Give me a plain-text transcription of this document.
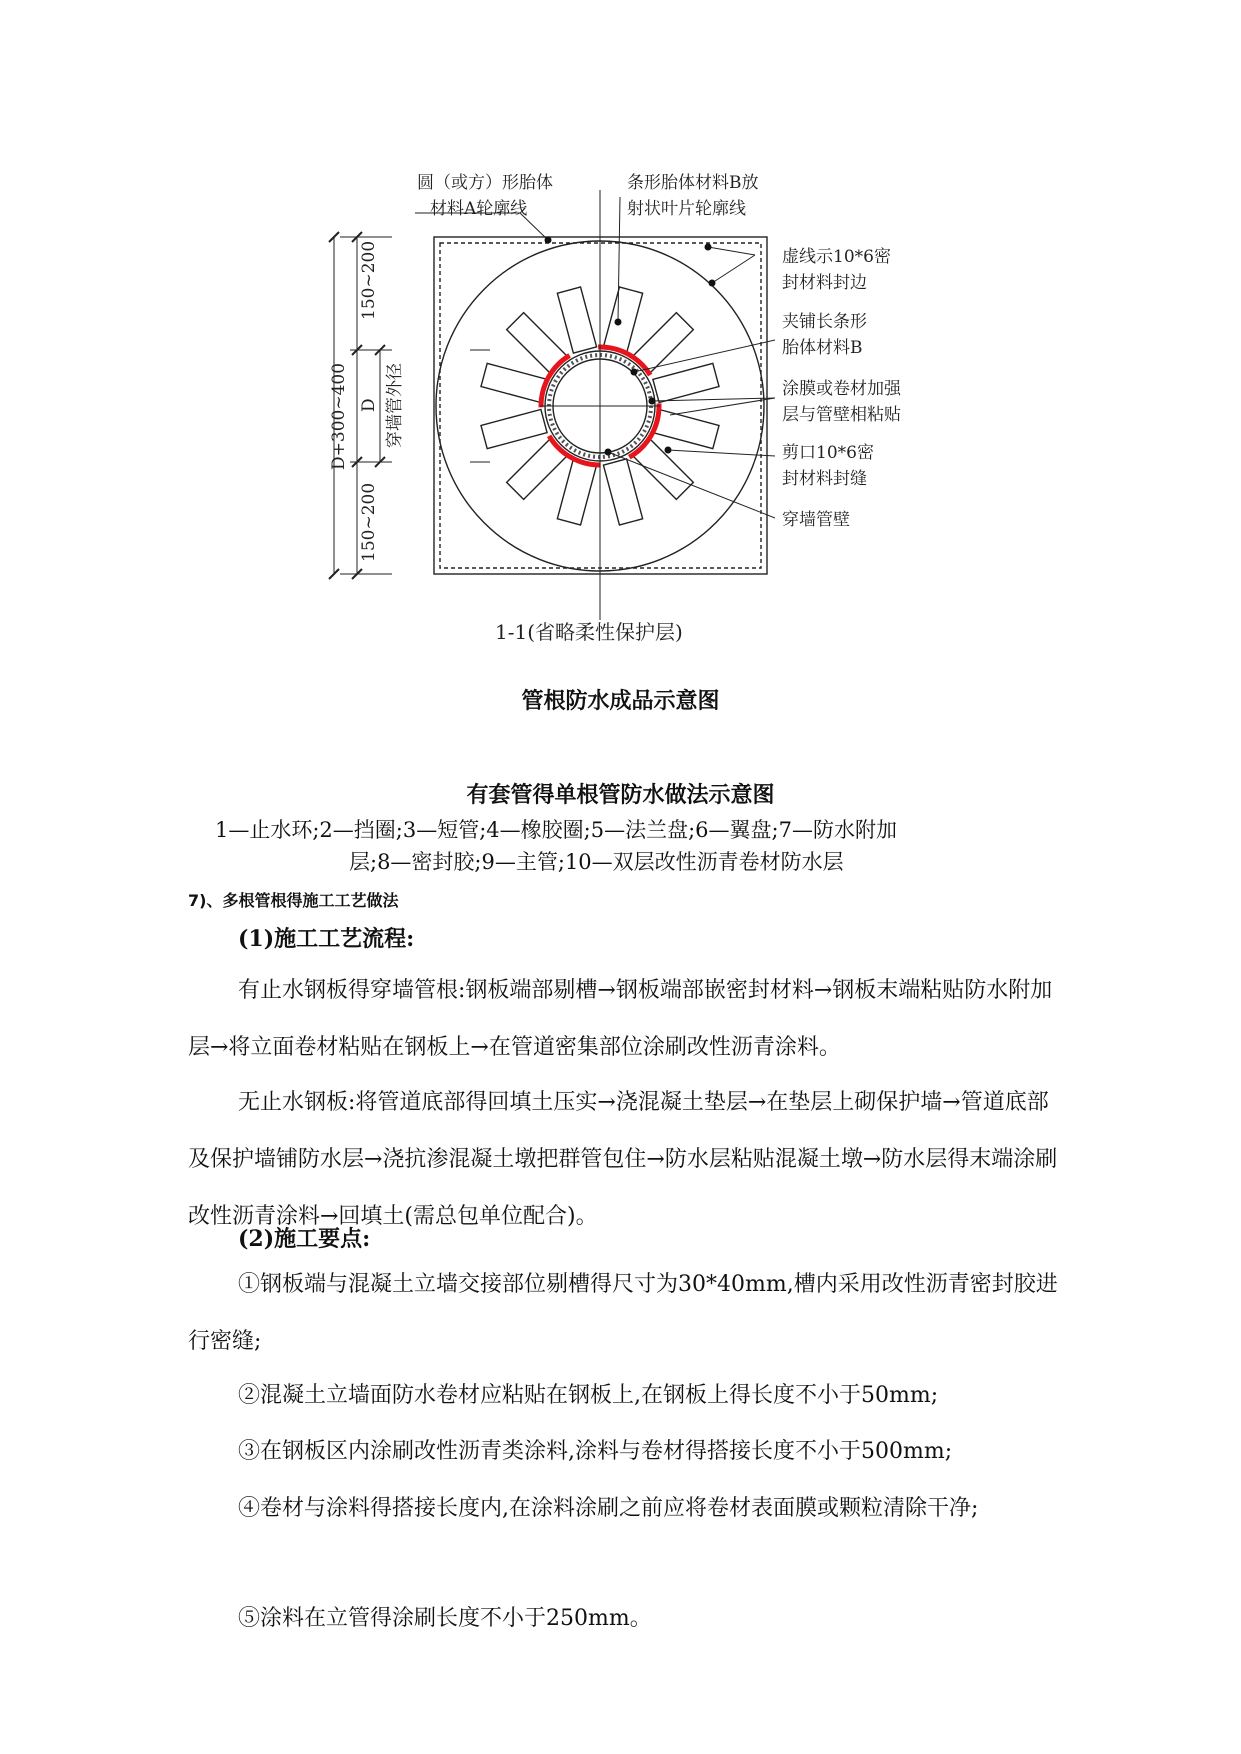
圆（或方）形胎体
材料A轮廓线
条形胎体材料B放
射状叶片轮廓线
虚线示10*6密
封材料封边
夹铺长条形
胎体材料B
涂膜或卷材加强
层与管壁相粘贴
剪口10*6密
封材料封缝
穿墙管壁
D+300~400
150~200
D
150~200
穿墙管外径
1-1(省略柔性保护层)
管根防水成品示意图
有套管得单根管防水做法示意图
1—止水环;2—挡圈;3—短管;4—橡胶圈;5—法兰盘;6—翼盘;7—防水附加
层;8—密封胶;9—主管;10—双层改性沥青卷材防水层
7)、多根管根得施工工艺做法
(1)施工工艺流程:
有止水钢板得穿墙管根:钢板端部剔槽→钢板端部嵌密封材料→钢板末端粘贴防水附加层→将立面卷材粘贴在钢板上→在管道密集部位涂刷改性沥青涂料。
无止水钢板:将管道底部得回填土压实→浇混凝土垫层→在垫层上砌保护墙→管道底部及保护墙铺防水层→浇抗渗混凝土墩把群管包住→防水层粘贴混凝土墩→防水层得末端涂刷改性沥青涂料→回填土(需总包单位配合)。
(2)施工要点:
①钢板端与混凝土立墙交接部位剔槽得尺寸为30*40mm,槽内采用改性沥青密封胶进行密缝;
②混凝土立墙面防水卷材应粘贴在钢板上,在钢板上得长度不小于50mm;
③在钢板区内涂刷改性沥青类涂料,涂料与卷材得搭接长度不小于500mm;
④卷材与涂料得搭接长度内,在涂料涂刷之前应将卷材表面膜或颗粒清除干净;
⑤涂料在立管得涂刷长度不小于250mm。
